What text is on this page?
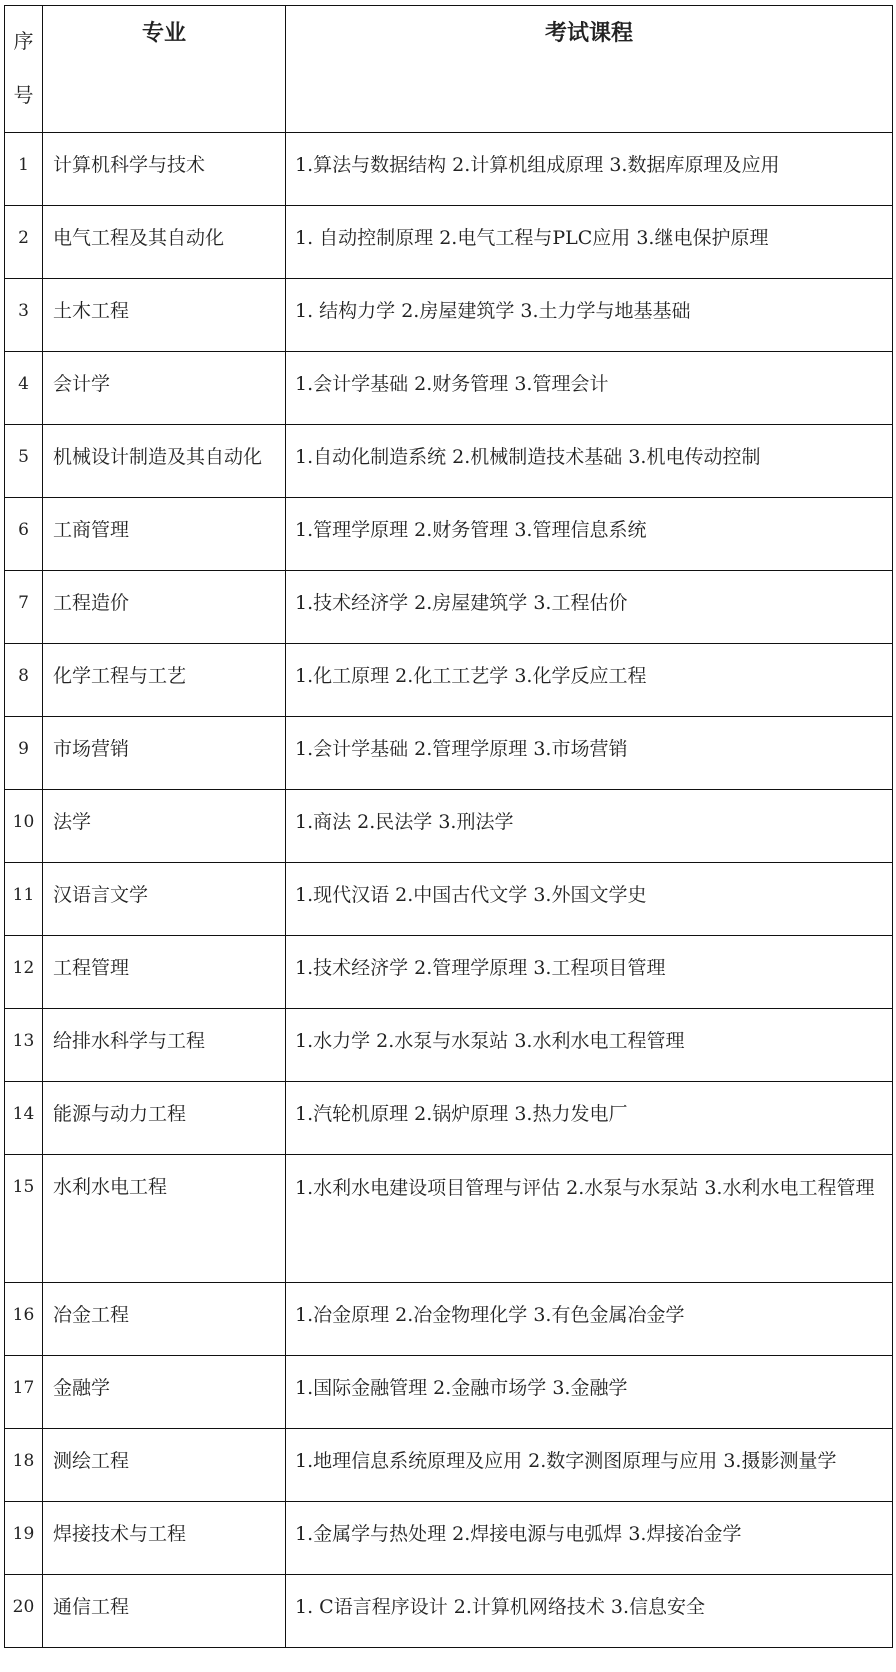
序
号	专业	考试课程
1	计算机科学与技术	1.算法与数据结构 2.计算机组成原理 3.数据库原理及应用
2	电气工程及其自动化	1. 自动控制原理 2.电气工程与PLC应用 3.继电保护原理
3	土木工程	1. 结构力学 2.房屋建筑学 3.土力学与地基基础
4	会计学	1.会计学基础 2.财务管理 3.管理会计
5	机械设计制造及其自动化	1.自动化制造系统 2.机械制造技术基础 3.机电传动控制
6	工商管理	1.管理学原理 2.财务管理 3.管理信息系统
7	工程造价	1.技术经济学 2.房屋建筑学 3.工程估价
8	化学工程与工艺	1.化工原理 2.化工工艺学 3.化学反应工程
9	市场营销	1.会计学基础 2.管理学原理 3.市场营销
10	法学	1.商法 2.民法学 3.刑法学
11	汉语言文学	1.现代汉语 2.中国古代文学 3.外国文学史
12	工程管理	1.技术经济学 2.管理学原理 3.工程项目管理
13	给排水科学与工程	1.水力学 2.水泵与水泵站 3.水利水电工程管理
14	能源与动力工程	1.汽轮机原理 2.锅炉原理 3.热力发电厂
15	水利水电工程	1.水利水电建设项目管理与评估 2.水泵与水泵站 3.水利水电工程管理
16	冶金工程	1.冶金原理 2.冶金物理化学 3.有色金属冶金学
17	金融学	1.国际金融管理 2.金融市场学 3.金融学
18	测绘工程	1.地理信息系统原理及应用 2.数字测图原理与应用 3.摄影测量学
19	焊接技术与工程	1.金属学与热处理 2.焊接电源与电弧焊 3.焊接冶金学
20	通信工程	1. C语言程序设计 2.计算机网络技术 3.信息安全
